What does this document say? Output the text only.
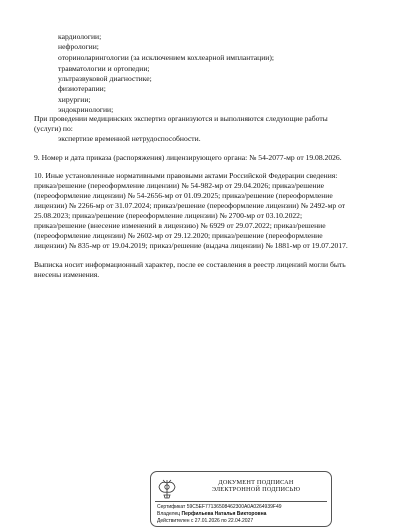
кардиологии;
нефрологии;
оториноларингологии (за исключением кохлеарной имплантации);
травматологии и ортопедии;
ультразвуковой диагностике;
физиотерапии;
хирургии;
эндокринологии;
При проведении медицинских экспертиз организуются и выполняются следующие работы
(услуги) по:
экспертизе временной нетрудоспособности.
9. Номер и дата приказа (распоряжения) лицензирующего органа: № 54-2077-мр от 19.08.2026.
10. Иные установленные нормативными правовыми актами Российской Федерации сведения:
приказ/решение (переоформление лицензии) № 54-982-мр от 29.04.2026; приказ/решение
(переоформление лицензии) № 54-2656-мр от 01.09.2025; приказ/решение (переоформление
лицензии) № 2266-мр от 31.07.2024; приказ/решение (переоформление лицензии) № 2492-мр от
25.08.2023; приказ/решение (переоформление лицензии) № 2700-мр от 03.10.2022;
приказ/решение (внесение изменений в лицензию) № 6929 от 29.07.2022; приказ/решение
(переоформление лицензии) № 2602-мр от 29.12.2020; приказ/решение (переоформление
лицензии) № 835-мр от 19.04.2019; приказ/решение (выдача лицензии) № 1881-мр от 19.07.2017.
Выписка носит информационный характер, после ее составления в реестр лицензий могли быть
внесены изменения.
ДОКУМЕНТ ПОДПИСАН
ЭЛЕКТРОННОЙ ПОДПИСЬЮ
Сертификат 59C5EF77136508462300A0A0264939F49
Владелец Перфильева Наталья Викторовна
Действителен с 27.01.2026 по 22.04.2027
